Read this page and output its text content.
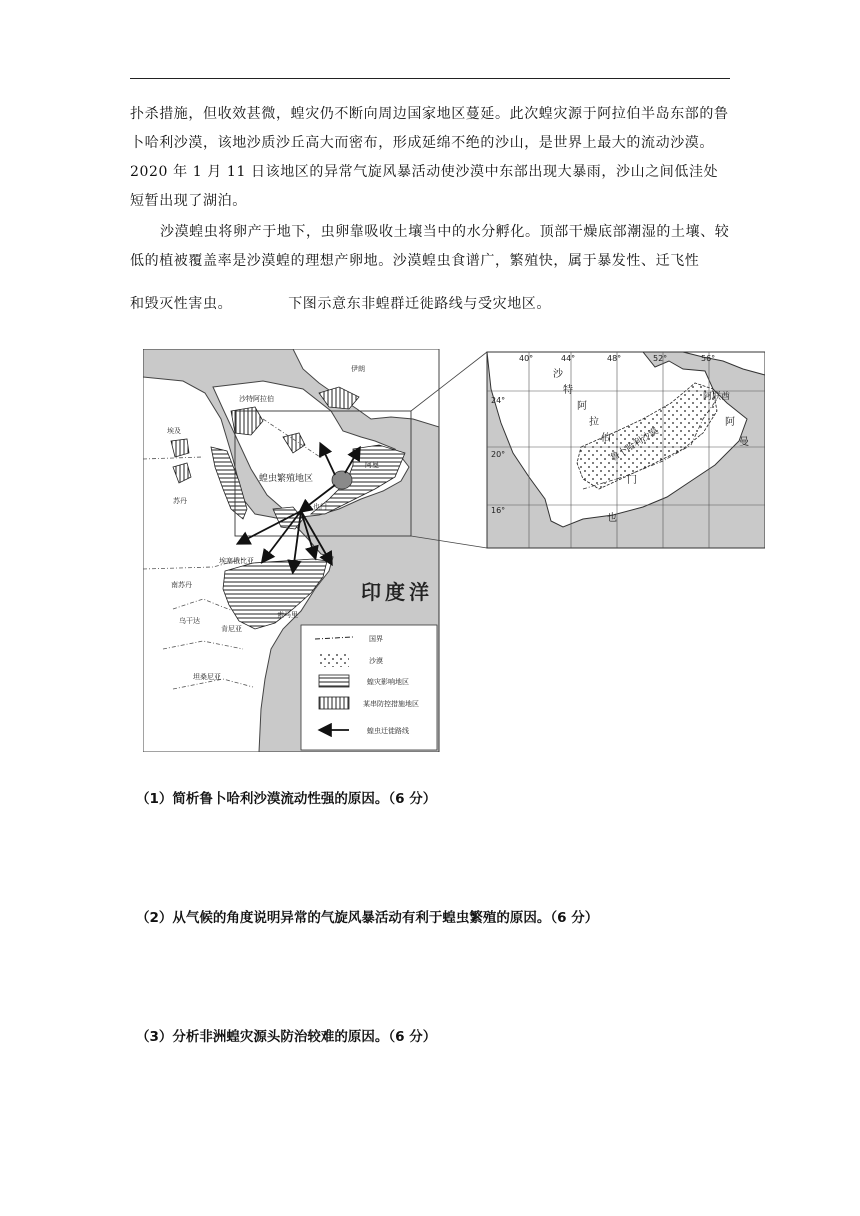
扑杀措施，但收效甚微，蝗灾仍不断向周边国家地区蔓延。此次蝗灾源于阿拉伯半岛东部的鲁卜哈利沙漠，该地沙质沙丘高大而密布，形成延绵不绝的沙山，是世界上最大的流动沙漠。2020 年 1 月 11 日该地区的异常气旋风暴活动使沙漠中东部出现大暴雨，沙山之间低洼处短暂出现了湖泊。

沙漠蝗虫将卵产于地下，虫卵靠吸收土壤当中的水分孵化。顶部干燥底部潮湿的土壤、较低的植被覆盖率是沙漠蝗的理想产卵地。沙漠蝗虫食谱广，繁殖快，属于暴发性、迁飞性

和毁灭性害虫。	下图示意东非蝗群迁徙路线与受灾地区。

伊朗
沙特阿拉伯
埃及
苏丹
阿曼
蝗虫繁殖地区
也门
埃塞俄比亚
南苏丹
乌干达
肯尼亚
索马里
坦桑尼亚
印度洋
国界
沙漠
蝗灾影响地区
某串防控措施地区
蝗虫迁徙路线
40°	44°	48°	52°	56°
24°
20°
16°
沙
特
阿
拉
伯
阿联酋
鲁卜哈利沙漠
阿
曼
门
也

（1）简析鲁卜哈利沙漠流动性强的原因。（6 分）

（2）从气候的角度说明异常的气旋风暴活动有利于蝗虫繁殖的原因。（6 分）

（3）分析非洲蝗灾源头防治较难的原因。（6 分）
